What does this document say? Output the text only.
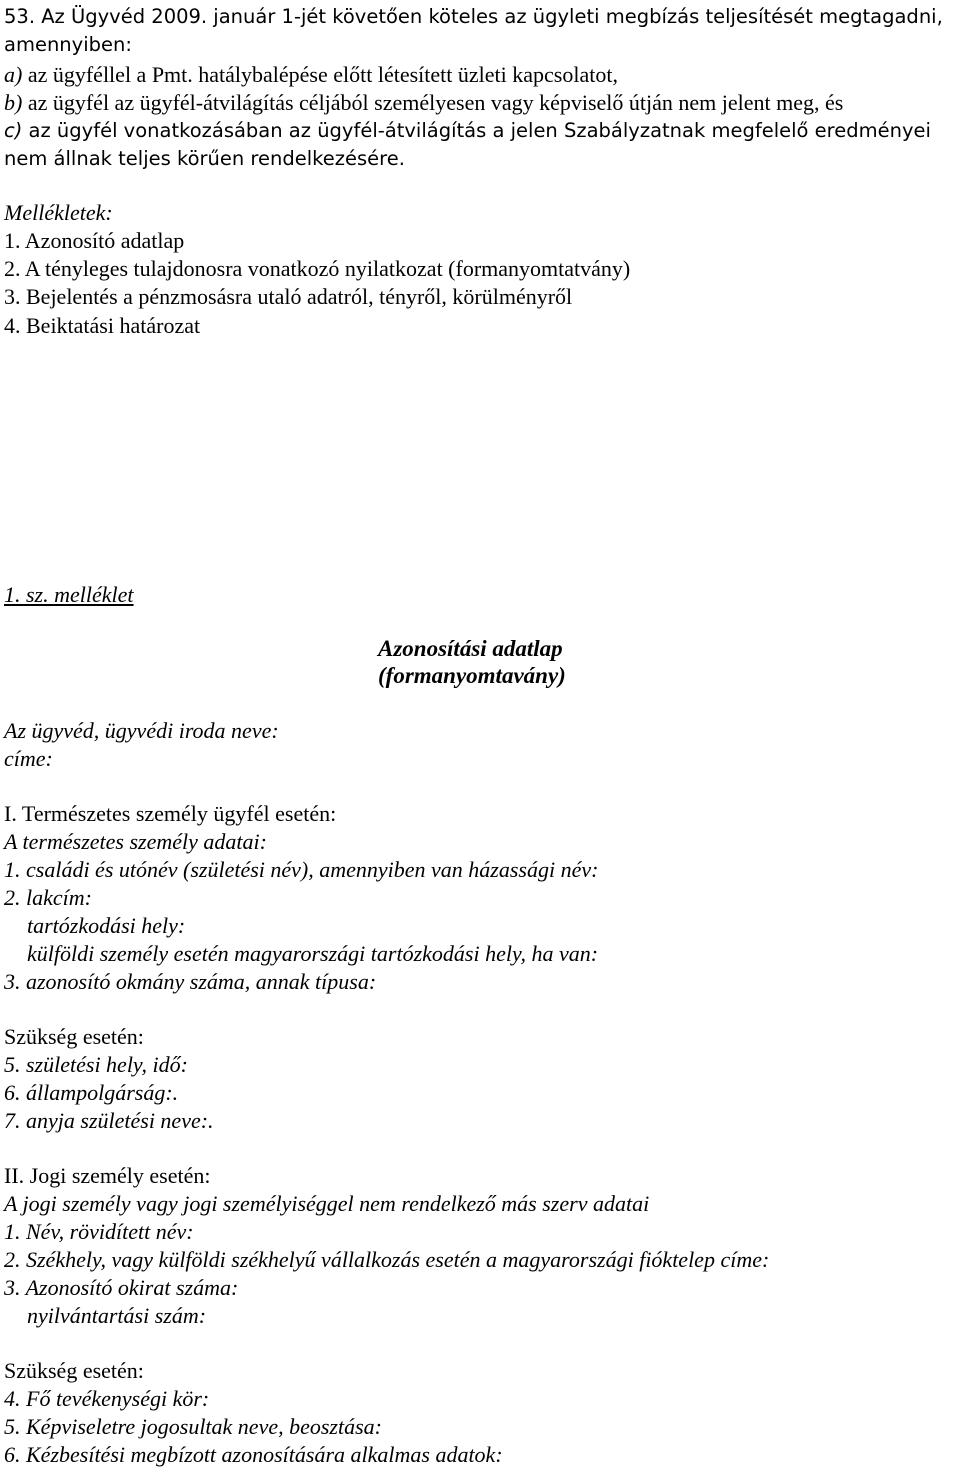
53. Az Ügyvéd 2009. január 1-jét követően köteles az ügyleti megbízás teljesítését megtagadni,
amennyiben:
a) az ügyféllel a Pmt. hatálybalépése előtt létesített üzleti kapcsolatot,
b) az ügyfél az ügyfél-átvilágítás céljából személyesen vagy képviselő útján nem jelent meg, és
c) az ügyfél vonatkozásában az ügyfél-átvilágítás a jelen Szabályzatnak megfelelő eredményei
nem állnak teljes körűen rendelkezésére.
Mellékletek:
1. Azonosító adatlap
2. A tényleges tulajdonosra vonatkozó nyilatkozat (formanyomtatvány)
3. Bejelentés a pénzmosásra utaló adatról, tényről, körülményről
4. Beiktatási határozat
1. sz. melléklet
Azonosítási adatlap
(formanyomtavány)
Az ügyvéd, ügyvédi iroda neve:
címe:
I. Természetes személy ügyfél esetén:
A természetes személy adatai:
1. családi és utónév (születési név), amennyiben van házassági név:
2. lakcím:
tartózkodási hely:
külföldi személy esetén magyarországi tartózkodási hely, ha van:
3. azonosító okmány száma, annak típusa:
Szükség esetén:
5. születési hely, idő:
6. állampolgárság:.
7. anyja születési neve:.
II. Jogi személy esetén:
A jogi személy vagy jogi személyiséggel nem rendelkező más szerv adatai
1. Név, rövidített név:
2. Székhely, vagy külföldi székhelyű vállalkozás esetén a magyarországi fióktelep címe:
3. Azonosító okirat száma:
nyilvántartási szám:
Szükség esetén:
4. Fő tevékenységi kör:
5. Képviseletre jogosultak neve, beosztása:
6. Kézbesítési megbízott azonosítására alkalmas adatok:
